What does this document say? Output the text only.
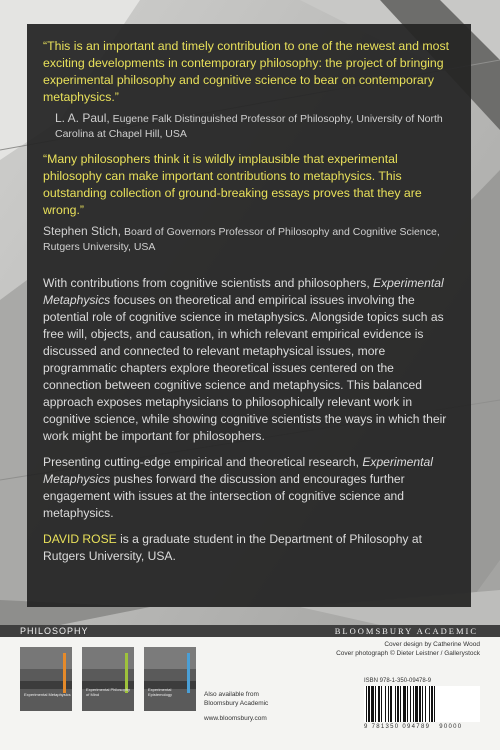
“This is an important and timely contribution to one of the newest and most exciting developments in contemporary philosophy: the project of bringing experimental philosophy and cognitive science to bear on contemporary metaphysics.”

L. A. Paul, Eugene Falk Distinguished Professor of Philosophy, University of North Carolina at Chapel Hill, USA

“Many philosophers think it is wildly implausible that experimental philosophy can make important contributions to metaphysics. This outstanding collection of ground-breaking essays proves that they are wrong.”

Stephen Stich, Board of Governors Professor of Philosophy and Cognitive Science, Rutgers University, USA

With contributions from cognitive scientists and philosophers, Experimental Metaphysics focuses on theoretical and empirical issues involving the potential role of cognitive science in metaphysics. Alongside topics such as free will, objects, and causation, in which relevant empirical evidence is discussed and connected to relevant metaphysical issues, more programmatic chapters explore theoretical issues centered on the connection between cognitive science and metaphysics. This balanced approach exposes metaphysicians to philosophically relevant work in cognitive science, while showing cognitive scientists the ways in which their work might be important for philosophers.

Presenting cutting-edge empirical and theoretical research, Experimental Metaphysics pushes forward the discussion and encourages further engagement with issues at the intersection of cognitive science and metaphysics.

DAVID ROSE is a graduate student in the Department of Philosophy at Rutgers University, USA.

PHILOSOPHY	BLOOMSBURY ACADEMIC
Experimental Metaphysics
Experimental Philosophy of Mind
Experimental Epistemology	Also available from
Bloomsbury Academic
www.bloomsbury.com
Cover design by Catherine Wood
Cover photograph © Dieter Leistner / Gallerystock
ISBN 978-1-350-09478-9
9 781350 094789 90000
